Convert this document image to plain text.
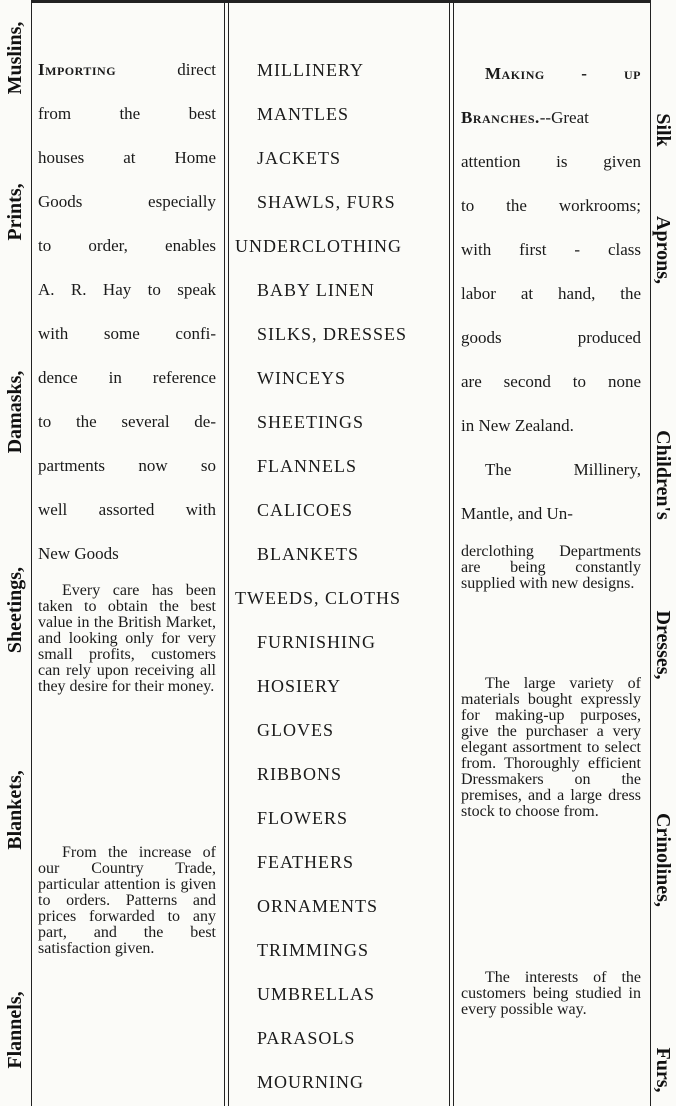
Muslins,
Prints,
Damasks,
Sheetings,
Blankets,
Flannels,
Silk
Aprons,
Children's
Dresses,
Crinolines,
Furs,

Importing direct

from the best

houses at Home

Goods especially

to order, enables

A. R. Hay to speak

with some confi-

dence in reference

to the several de-

partments now so

well assorted with

New Goods

Every care has been taken to obtain the best value in the British Market, and looking only for very small profits, customers can rely upon receiving all they desire for their money.

From the increase of our Country Trade, particular attention is given to orders. Patterns and prices forwarded to any part, and the best satisfaction given.

MILLINERY
MANTLES
JACKETS
SHAWLS, FURS
UNDERCLOTHING
BABY LINEN
SILKS, DRESSES
WINCEYS
SHEETINGS
FLANNELS
CALICOES
BLANKETS
TWEEDS, CLOTHS
FURNISHING
HOSIERY
GLOVES
RIBBONS
FLOWERS
FEATHERS
ORNAMENTS
TRIMMINGS
UMBRELLAS
PARASOLS
MOURNING

Making - up

Branches.--Great

attention is given

to the workrooms;

with first - class

labor at hand, the

goods produced

are second to none

in New Zealand.

The Millinery,

Mantle, and Un-

derclothing Departments are being constantly supplied with new designs.

The large variety of materials bought expressly for making-up purposes, give the purchaser a very elegant assortment to select from. Thoroughly efficient Dressmakers on the premises, and a large dress stock to choose from.

The interests of the customers being studied in every possible way.
